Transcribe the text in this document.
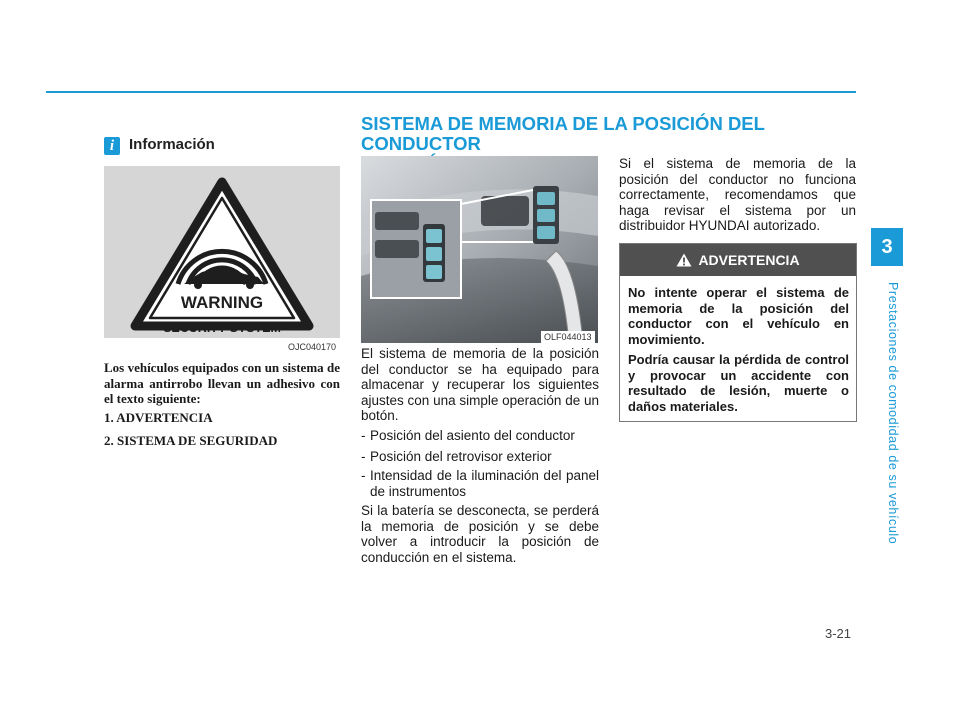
3
Prestaciones de comodidad de su vehículo
i Información
WARNING
SECURITY SYSTEM
OJC040170
Los vehículos equipados con un sistema de alarma antirrobo llevan un adhesivo con el texto siguiente:
1. ADVERTENCIA
2. SISTEMA DE SEGURIDAD
SISTEMA DE MEMORIA DE LA POSICIÓN DEL CONDUCTOR
OLF044013
El sistema de memoria de la posición del conductor se ha equipado para almacenar y recuperar los siguientes ajustes con una simple operación de un botón.
- Posición del asiento del conductor
- Posición del retrovisor exterior
- Intensidad de la iluminación del panel de instrumentos
Si la batería se desconecta, se perderá la memoria de posición y se debe volver a introducir la posición de conducción en el sistema.
Si el sistema de memoria de la posición del conductor no funciona correctamente, recomendamos que haga revisar el sistema por un distribuidor HYUNDAI autorizado.
ADVERTENCIA

No intente operar el sistema de memoria de la posición del conductor con el vehículo en movimiento.

Podría causar la pérdida de control y provocar un accidente con resultado de lesión, muerte o daños materiales.

3-21
